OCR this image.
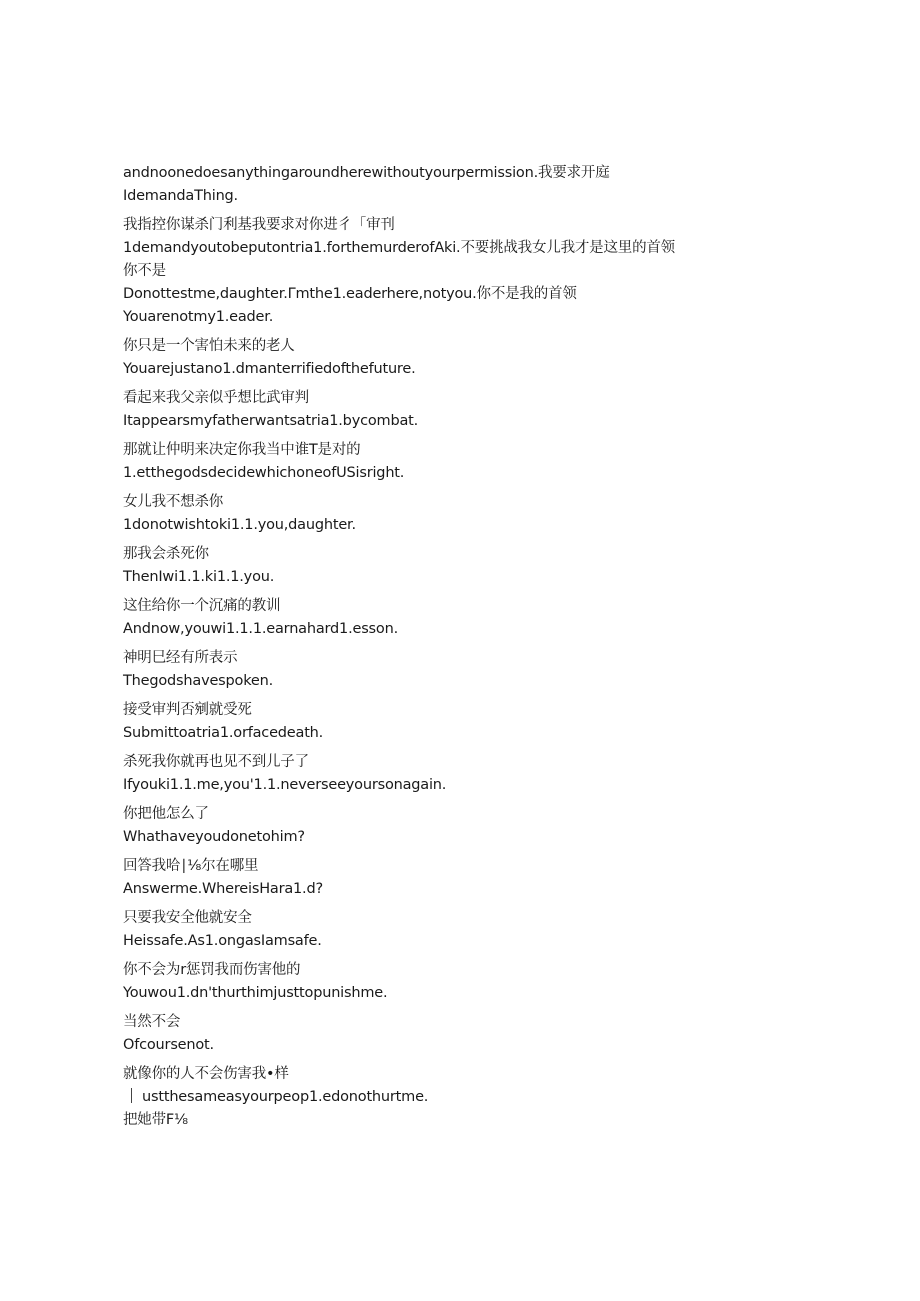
andnoonedoesanythingaroundherewithoutyourpermission.我要求开庭
IdemandaThing.
我指控你谋杀门利基我要求对你进彳「审刊
1demandyoutobeputontria1.forthemurderofAki.不要挑战我女儿我才是这里的首领
你不是
Donottestme,daughter.Γmthe1.eaderhere,notyou.你不是我的首领
Youarenotmy1.eader.
你只是一个害怕未来的老人
Youarejustano1.dmanterrifiedofthefuture.
看起来我父亲似乎想比武审判
Itappearsmyfatherwantsatria1.bycombat.
那就让仲明来决定你我当中谁T是对的
1.etthegodsdecidewhichoneofUSisright.
女儿我不想杀你
1donotwishtoki1.1.you,daughter.
那我会杀死你
ThenIwi1.1.ki1.1.you.
这住给你一个沉痛的教训
Andnow,youwi1.1.1.earnahard1.esson.
神明巳经有所表示
Thegodshavespoken.
接受审判否剜就受死
Submittoatria1.orfacedeath.
杀死我你就再也见不到儿子了
Ifyouki1.1.me,you'1.1.neverseeyoursonagain.
你把他怎么了
Whathaveyoudonetohim?
回答我哈∣⅛尔在哪里
Answerme.WhereisHara1.d?
只要我安全他就安全
Heissafe.As1.ongasIamsafe.
你不会为r惩罚我而伤害他的
Youwou1.dn'thurthimjusttopunishme.
当然不会
Ofcoursenot.
就像你的人不会伤害我•样
ustthesameasyourpeop1.edonothurtme.
把她带F⅛
